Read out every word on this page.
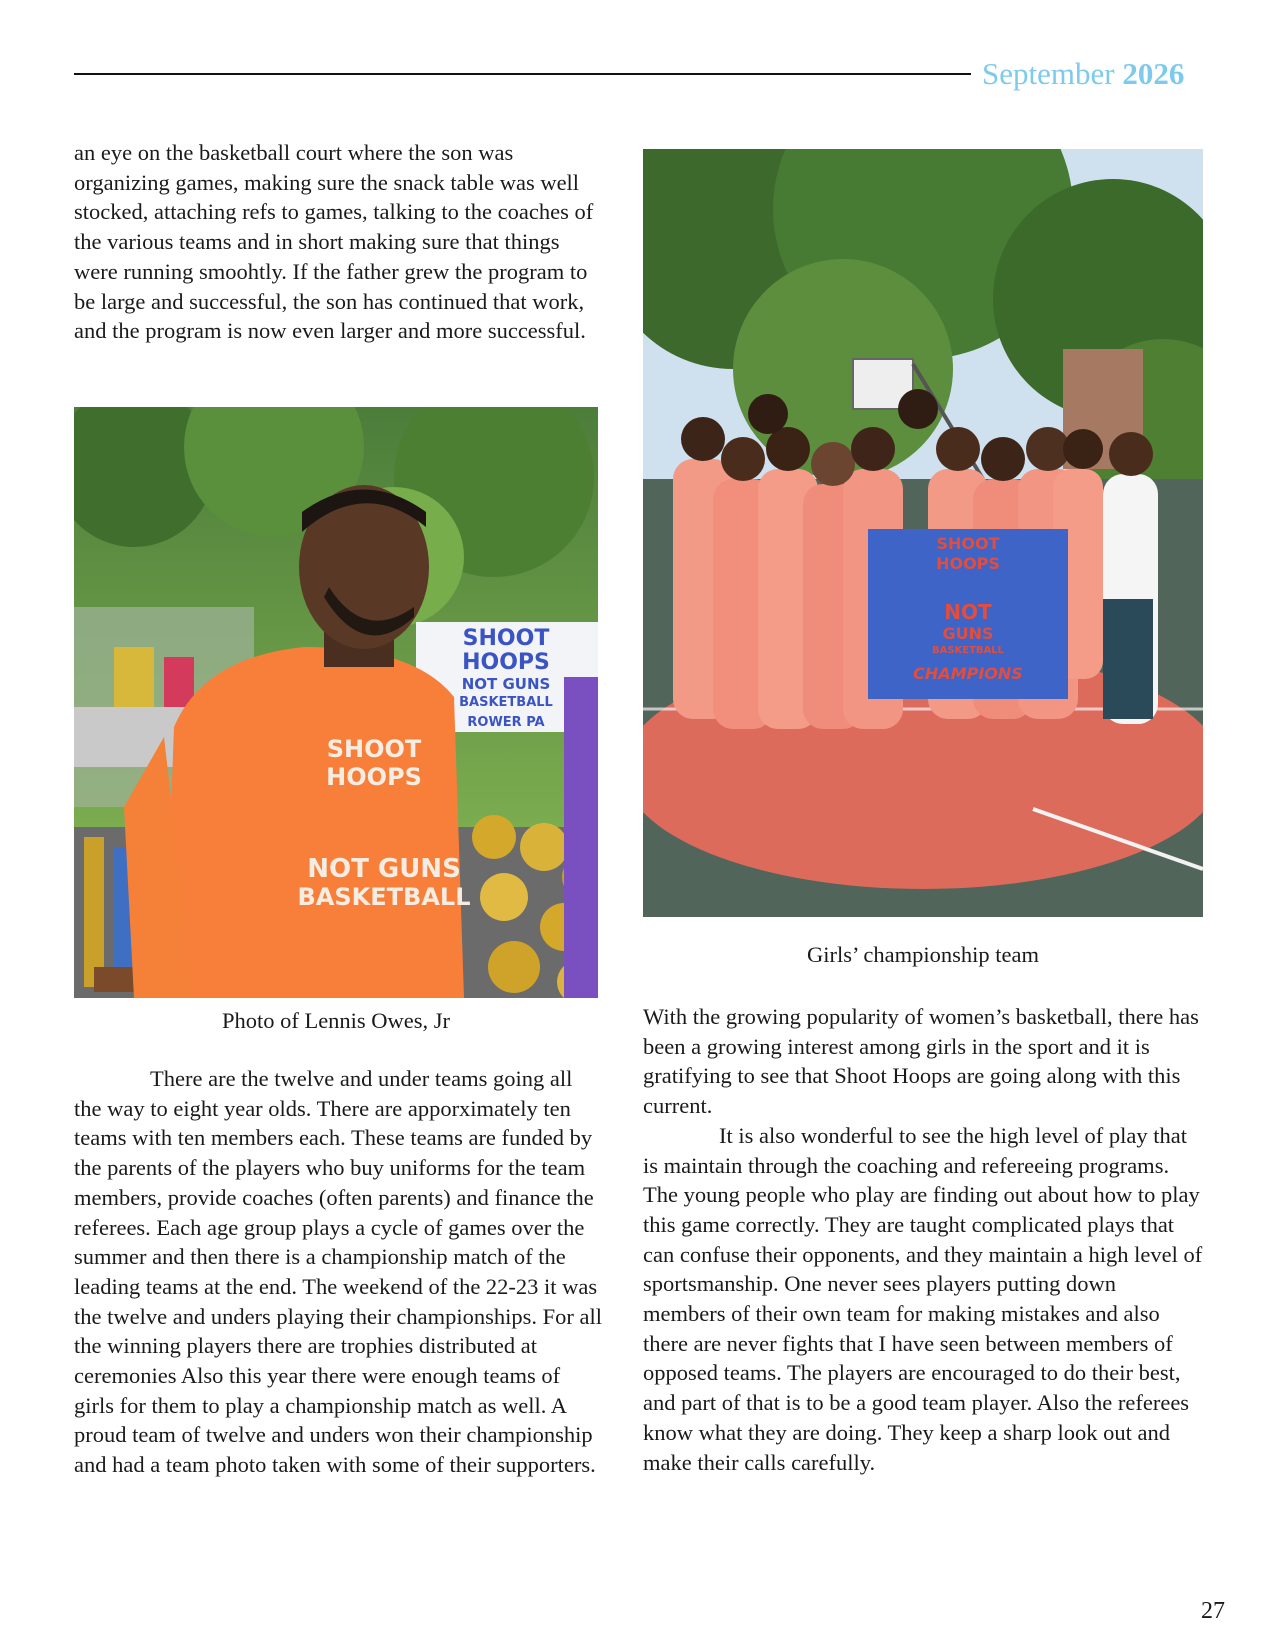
September 2026

an eye on the basketball court where the son was organizing games, making sure the snack table was well stocked, attaching refs to games, talking to the coaches of the various teams and in short making sure that things were running smoohtly. If the father grew the program to be large and successful, the son has continued that work, and the program is now even larger and more successful.

SHOOT
HOOPS
NOT GUNS
BASKETBALL
ROWER PA
SHOOT
HOOPS
NOT GUNS
BASKETBALL

Photo of Lennis Owes, Jr

There are the twelve and under teams going all the way to eight year olds. There are apporximately ten teams with ten members each. These teams are funded by the parents of the players who buy uniforms for the team members, provide coaches (often parents) and finance the referees. Each age group plays a cycle of games over the summer and then there is a championship match of the leading teams at the end. The weekend of the 22-23 it was the twelve and unders playing their championships. For all the winning players there are trophies distributed at ceremonies Also this year there were enough teams of girls for them to play a championship match as well. A proud team of twelve and unders won their championship and had a team photo taken with some of their supporters.

SHOOT
HOOPS
NOT
GUNS
BASKETBALL
CHAMPIONS

Girls’ championship team

With the growing popularity of women’s basketball, there has been a growing interest among girls in the sport and it is gratifying to see that Shoot Hoops are going along with this current.

It is also wonderful to see the high level of play that is maintain through the coaching and refereeing programs. The young people who play are finding out about how to play this game correctly. They are taught complicated plays that can confuse their opponents, and they maintain a high level of sportsmanship. One never sees players putting down members of their own team for making mistakes and also there are never fights that I have seen between members of opposed teams. The players are encouraged to do their best, and part of that is to be a good team player. Also the referees know what they are doing. They keep a sharp look out and make their calls carefully.

27
